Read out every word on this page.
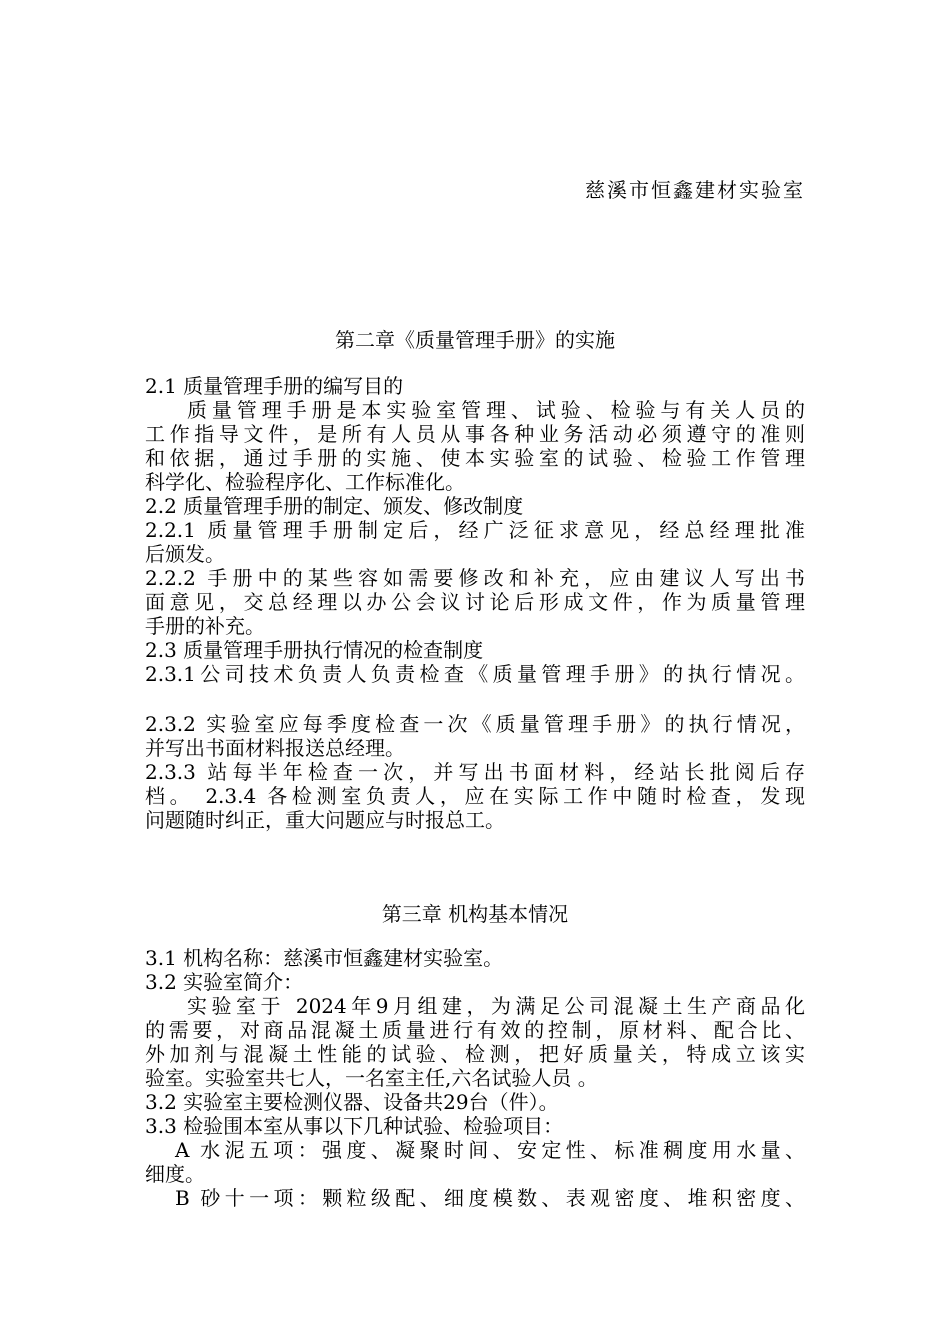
慈溪市恒鑫建材实验室
第二章《质量管理手册》的实施
2.1 质量管理手册的编写目的
质量管理手册是本实验室管理、试验、检验与有关人员的
工作指导文件，是所有人员从事各种业务活动必须遵守的准则
和依据，通过手册的实施、使本实验室的试验、检验工作管理
科学化、检验程序化、工作标准化。
2.2 质量管理手册的制定、颁发、修改制度
2.2.1 质量管理手册制定后，经广泛征求意见，经总经理批准
后颁发。
2.2.2 手册中的某些容如需要修改和补充，应由建议人写出书
面意见，交总经理以办公会议讨论后形成文件，作为质量管理
手册的补充。
2.3 质量管理手册执行情况的检查制度
2.3.1公司技术负责人负责检查《质量管理手册》的执行情况。
2.3.2 实验室应每季度检查一次《质量管理手册》的执行情况，
并写出书面材料报送总经理。
2.3.3 站每半年检查一次，并写出书面材料，经站长批阅后存
档。 2.3.4 各检测室负责人，应在实际工作中随时检查，发现
问题随时纠正，重大问题应与时报总工。
第三章 机构基本情况
3.1 机构名称：慈溪市恒鑫建材实验室。
3.2 实验室简介：
实验室于 2024年9月组建，为满足公司混凝土生产商品化
的需要，对商品混凝土质量进行有效的控制，原材料、配合比、
外加剂与混凝土性能的试验、检测，把好质量关，特成立该实
验室。实验室共七人，一名室主任,六名试验人员 。
3.2 实验室主要检测仪器、设备共29台（件）。
3.3 检验围本室从事以下几种试验、检验项目：
A 水泥五项：强度、凝聚时间、安定性、标准稠度用水量、
细度。
B 砂十一项：颗粒级配、细度模数、表观密度、堆积密度、
